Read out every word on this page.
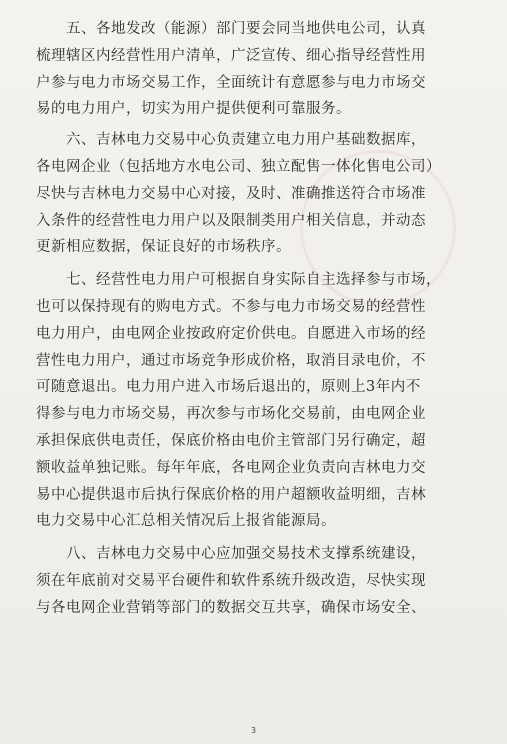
五、各地发改（能源）部门要会同当地供电公司，认真
梳理辖区内经营性用户清单，广泛宣传、细心指导经营性用
户参与电力市场交易工作，全面统计有意愿参与电力市场交
易的电力用户，切实为用户提供便利可靠服务。

六、吉林电力交易中心负责建立电力用户基础数据库，
各电网企业（包括地方水电公司、独立配售一体化售电公司）
尽快与吉林电力交易中心对接，及时、准确推送符合市场准
入条件的经营性电力用户以及限制类用户相关信息，并动态
更新相应数据，保证良好的市场秩序。

七、经营性电力用户可根据自身实际自主选择参与市场，
也可以保持现有的购电方式。不参与电力市场交易的经营性
电力用户，由电网企业按政府定价供电。自愿进入市场的经
营性电力用户，通过市场竞争形成价格，取消目录电价，不
可随意退出。电力用户进入市场后退出的，原则上3年内不
得参与电力市场交易，再次参与市场化交易前，由电网企业
承担保底供电责任，保底价格由电价主管部门另行确定，超
额收益单独记账。每年年底，各电网企业负责向吉林电力交
易中心提供退市后执行保底价格的用户超额收益明细，吉林
电力交易中心汇总相关情况后上报省能源局。

八、吉林电力交易中心应加强交易技术支撑系统建设，
须在年底前对交易平台硬件和软件系统升级改造，尽快实现
与各电网企业营销等部门的数据交互共享，确保市场安全、

3
